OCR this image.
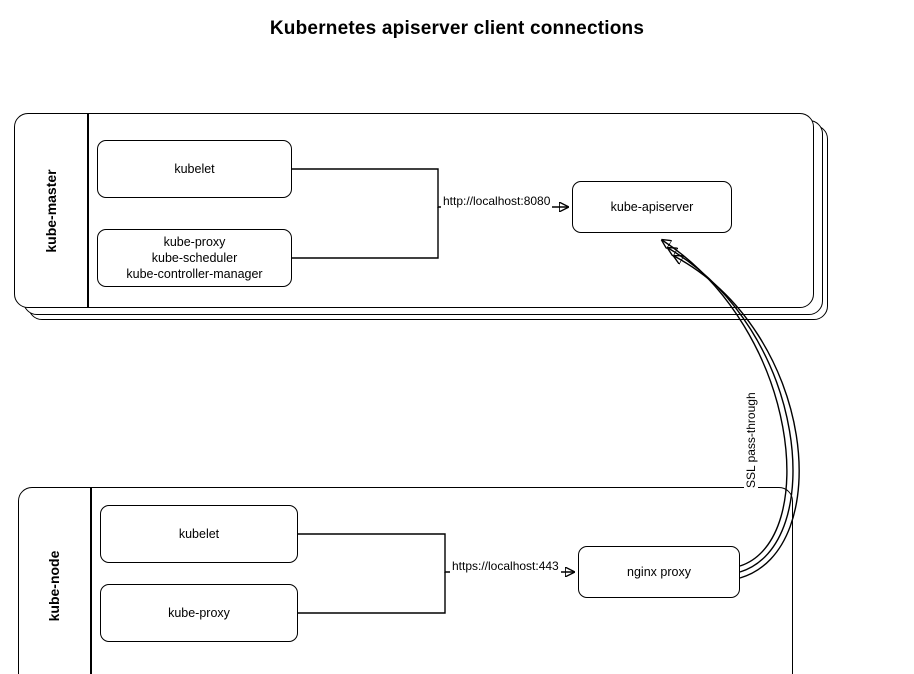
Kubernetes apiserver client connections
kube-master
kubelet
kube-proxy
kube-scheduler
kube-controller-manager
kube-apiserver
kube-node
kubelet
kube-proxy
nginx proxy
http://localhost:8080
https://localhost:443
SSL pass-through
